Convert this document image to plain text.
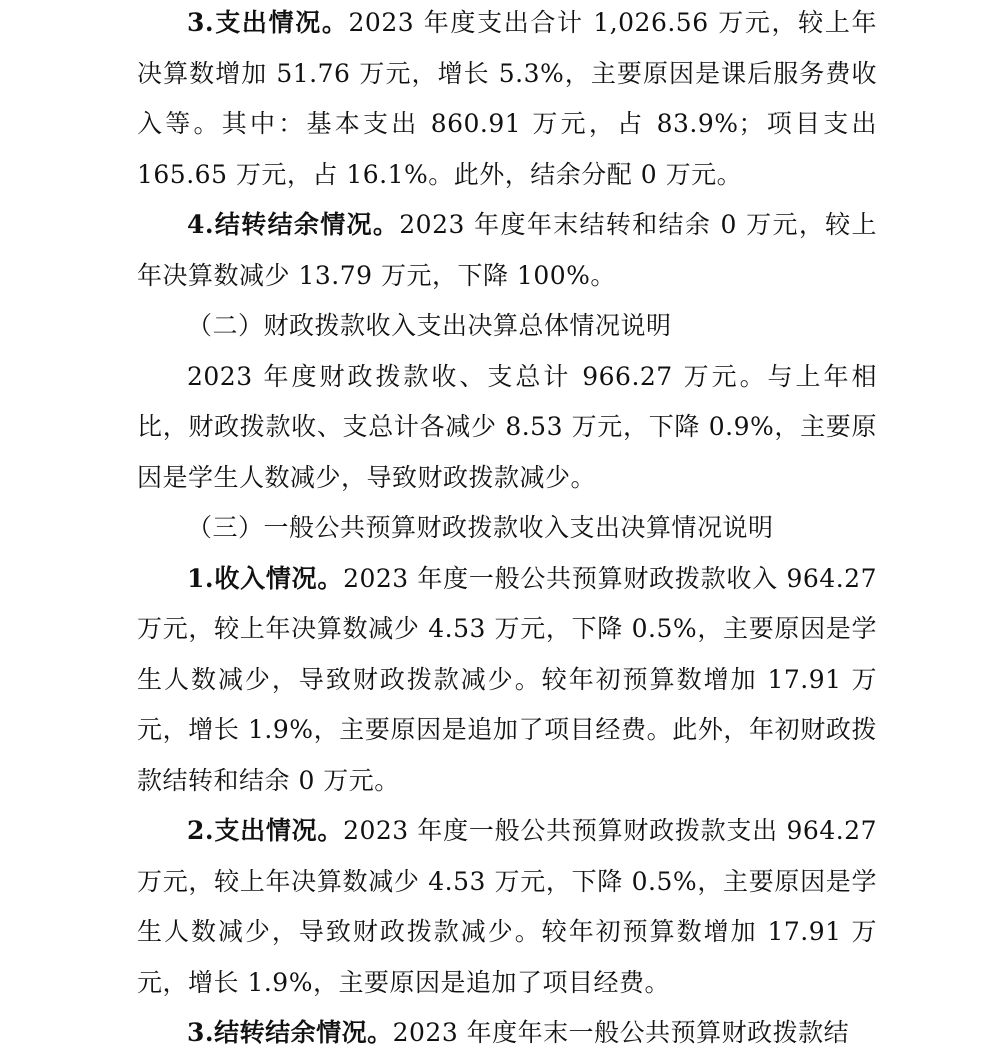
3.支出情况。2023 年度支出合计 1,026.56 万元，较上年决算数增加 51.76 万元，增长 5.3%，主要原因是课后服务费收入等。其中：基本支出 860.91 万元，占 83.9%；项目支出 165.65 万元，占 16.1%。此外，结余分配 0 万元。

4.结转结余情况。2023 年度年末结转和结余 0 万元，较上年决算数减少 13.79 万元，下降 100%。

（二）财政拨款收入支出决算总体情况说明

2023 年度财政拨款收、支总计 966.27 万元。与上年相比，财政拨款收、支总计各减少 8.53 万元，下降 0.9%，主要原因是学生人数减少，导致财政拨款减少。

（三）一般公共预算财政拨款收入支出决算情况说明

1.收入情况。2023 年度一般公共预算财政拨款收入 964.27 万元，较上年决算数减少 4.53 万元，下降 0.5%，主要原因是学生人数减少，导致财政拨款减少。较年初预算数增加 17.91 万元，增长 1.9%，主要原因是追加了项目经费。此外，年初财政拨款结转和结余 0 万元。

2.支出情况。2023 年度一般公共预算财政拨款支出 964.27 万元，较上年决算数减少 4.53 万元，下降 0.5%，主要原因是学生人数减少，导致财政拨款减少。较年初预算数增加 17.91 万元，增长 1.9%，主要原因是追加了项目经费。

3.结转结余情况。2023 年度年末一般公共预算财政拨款结
